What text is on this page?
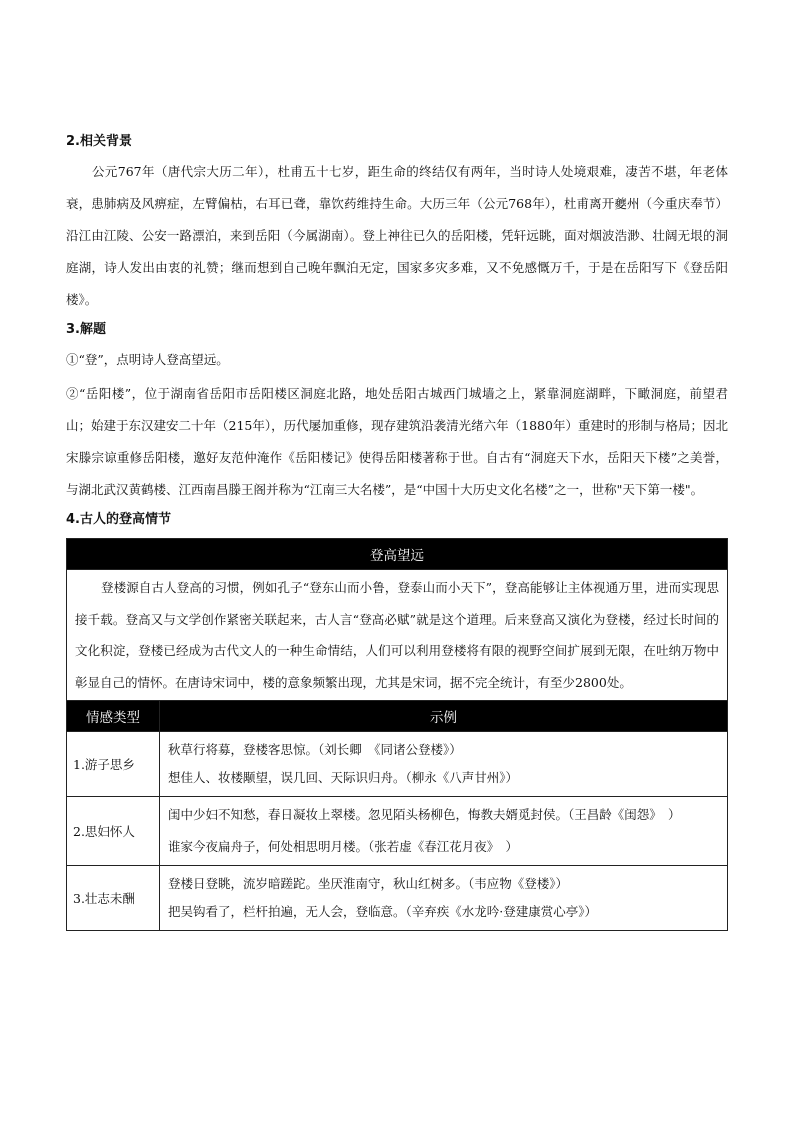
2.相关背景

公元767年（唐代宗大历二年），杜甫五十七岁，距生命的终结仅有两年，当时诗人处境艰难，凄苦不堪，年老体衰，患肺病及风痹症，左臂偏枯，右耳已聋，靠饮药维持生命。大历三年（公元768年），杜甫离开夔州（今重庆奉节）沿江由江陵、公安一路漂泊，来到岳阳（今属湖南）。登上神往已久的岳阳楼，凭轩远眺，面对烟波浩渺、壮阔无垠的洞庭湖，诗人发出由衷的礼赞；继而想到自己晚年飘泊无定，国家多灾多难，又不免感慨万千，于是在岳阳写下《登岳阳楼》。

3.解题

①“登”，点明诗人登高望远。

②“岳阳楼”，位于湖南省岳阳市岳阳楼区洞庭北路，地处岳阳古城西门城墙之上，紧靠洞庭湖畔，下瞰洞庭，前望君山；始建于东汉建安二十年（215年），历代屡加重修，现存建筑沿袭清光绪六年（1880年）重建时的形制与格局；因北宋滕宗谅重修岳阳楼，邀好友范仲淹作《岳阳楼记》使得岳阳楼著称于世。自古有“洞庭天下水，岳阳天下楼”之美誉，与湖北武汉黄鹤楼、江西南昌滕王阁并称为“江南三大名楼”，是“中国十大历史文化名楼”之一，世称"天下第一楼"。

4.古人的登高情节
登高望远	

登楼源自古人登高的习惯，例如孔子“登东山而小鲁，登泰山而小天下”，登高能够让主体视通万里，进而实现思接千载。登高又与文学创作紧密关联起来，古人言“登高必赋”就是这个道理。后来登高又演化为登楼，经过长时间的文化积淀，登楼已经成为古代文人的一种生命情结，人们可以利用登楼将有限的视野空间扩展到无限，在吐纳万物中彰显自己的情怀。在唐诗宋词中，楼的意象频繁出现，尤其是宋词，据不完全统计，有至少2800处。	

情感类型	示例
1.游子思乡	秋草行将募，登楼客思惊。（刘长卿　《同诸公登楼》）

想佳人、妆楼颙望，误几回、天际识归舟。（柳永《八声甘州》）

2.思妇怀人	闺中少妇不知愁，春日凝妆上翠楼。忽见陌头杨柳色，悔教夫婿觅封侯。（王昌龄《闺怨》　）

谁家今夜扁舟子，何处相思明月楼。（张若虚《春江花月夜》　）

3.壮志未酬	登楼日登眺，流岁暗蹉跎。坐厌淮南守，秋山红树多。（韦应物《登楼》）

把吴钩看了，栏杆拍遍，无人会，登临意。（辛弃疾《水龙吟·登建康赏心亭》）
